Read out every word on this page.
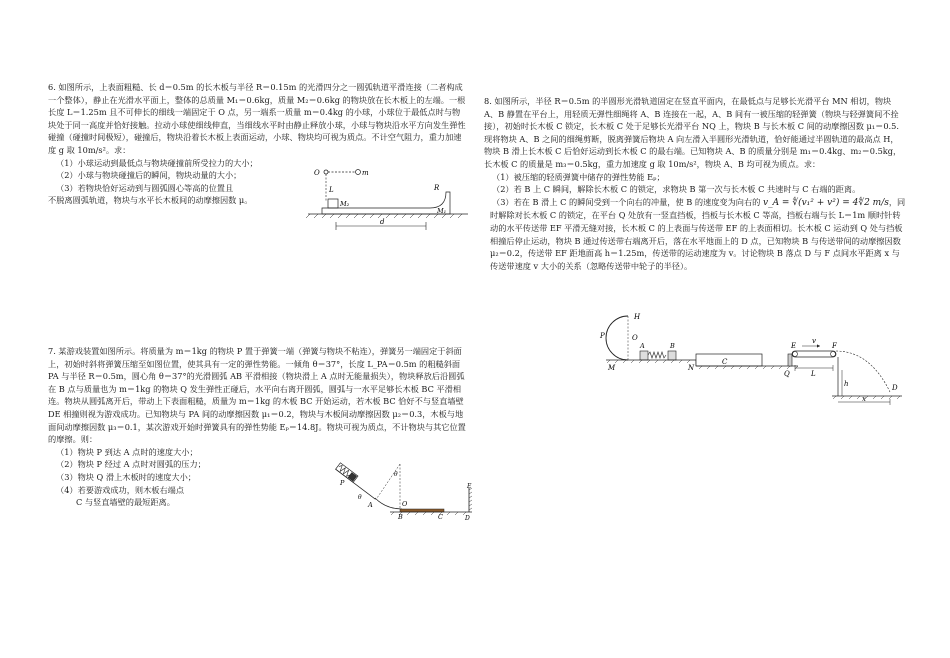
6. 如图所示，上表面粗糙、长 d＝0.5m 的长木板与半径 R＝0.15m 的光滑四分之一圆弧轨道平滑连接（二者构成一个整体），静止在光滑水平面上，整体的总质量 M₁＝0.6kg，质量 M₂＝0.6kg 的物块放在长木板上的左端。一根长度 L＝1.25m 且不可伸长的细线一端固定于 O 点，另一端系一质量 m＝0.4kg 的小球，小球位于最低点时与物块处于同一高度并恰好接触。拉动小球使细线伸直，当细线水平时由静止释放小球，小球与物块沿水平方向发生弹性碰撞（碰撞时间极短），碰撞后，物块沿着长木板上表面运动，小球、物块均可视为质点。不计空气阻力，重力加速度 g 取 10m/s²。求：

（1）小球运动到最低点与物块碰撞前所受拉力的大小；

（2）小球与物块碰撞后的瞬间，物块动量的大小；

（3）若物块恰好运动到与圆弧圆心等高的位置且

不脱离圆弧轨道，物块与水平长木板间的动摩擦因数 μ。

O	m
L
M₂
R
M₁
d

7. 某游戏装置如图所示。将质量为 m＝1kg 的物块 P 置于弹簧一端（弹簧与物块不粘连），弹簧另一端固定于斜面上，初始时斜将弹簧压缩至如图位置，使其具有一定的弹性势能。一倾角 θ＝37°，长度 L_PA＝0.5m 的粗糙斜面 PA 与半径 R＝0.5m，圆心角 θ＝37°的光滑圆弧 AB 平滑相接（物块滑上 A 点时无能量损失），物块释放后沿圆弧在 B 点与质量也为 m＝1kg 的物块 Q 发生弹性正碰后，水平向右离开圆弧，圆弧与一水平足够长木板 BC 平滑相连。物块从圆弧离开后，带动上下表面粗糙，质量为 m＝1kg 的木板 BC 开始运动，若木板 BC 恰好不与竖直墙壁 DE 相撞则视为游戏成功。已知物块与 PA 间的动摩擦因数 μ₁＝0.2，物块与木板间动摩擦因数 μ₂＝0.3，木板与地面间动摩擦因数 μ₃＝0.1，某次游戏开始时弹簧具有的弹性势能 Eₚ＝14.8J。物块可视为质点，不计物块与其它位置的摩擦。则：

（1）物块 P 到达 A 点时的速度大小；

（2）物块 P 经过 A 点时对圆弧的压力；

（3）物块 Q 滑上木板时的速度大小；

（4）若要游戏成功，则木板右端点

C 与竖直墙壁的最短距离。

P
θ
A
θ
O
B	C
E
D

8. 如图所示，半径 R＝0.5m 的半圆形光滑轨道固定在竖直平面内，在最低点与足够长光滑平台 MN 相切，物块 A、B 静置在平台上，用轻质无弹性细绳将 A、B 连接在一起，A、B 间有一被压缩的轻弹簧（物块与轻弹簧间不拴接），初始时长木板 C 锁定，长木板 C 处于足够长光滑平台 NQ 上，物块 B 与长木板 C 间的动摩擦因数 μ₁＝0.5.现将物块 A、B 之间的细绳剪断，脱离弹簧后物块 A 向左滑入半圆形光滑轨道，恰好能通过半圆轨道的最高点 H，物块 B 滑上长木板 C 后恰好运动到长木板 C 的最右端。已知物块 A、B 的质量分别是 m₁＝0.4kg、m₂＝0.5kg，长木板 C 的质量是 m₃＝0.5kg，重力加速度 g 取 10m/s²，物块 A、B 均可视为质点。求：

（1）被压缩的轻质弹簧中储存的弹性势能 Eₚ；

（2）若 B 上 C 瞬间，解除长木板 C 的锁定，求物块 B 第一次与长木板 C 共速时与 C 右端的距离。

（3）若在 B 滑上 C 的瞬间受到一个向右的冲量，使 B 的速度变为向右的 v_A = ∜(v₁² + v²) = 4∜2 m/s，同

时解除对长木板 C 的锁定，在平台 Q 处放有一竖直挡板，挡板与长木板 C 等高，挡板右端与长 L＝1m 顺时针转动的水平传送带 EF 平滑无缝对接，长木板 C 的上表面与传送带 EF 的上表面相切。长木板 C 运动到 Q 处与挡板相撞后停止运动，物块 B 通过传送带右端离开后，落在水平地面上的 D 点，已知物块 B 与传送带间的动摩擦因数 μ₂＝0.2，传送带 EF 距地面高 h＝1.25m，传送带的运动速度为 v。讨论物块 B 落点 D 与 F 点间水平距离 x 与传送带速度 v 大小的关系（忽略传送带中轮子的半径）。

H
P	O
A	B
M	N
C
Q
E	F
v
L
h	D
x
